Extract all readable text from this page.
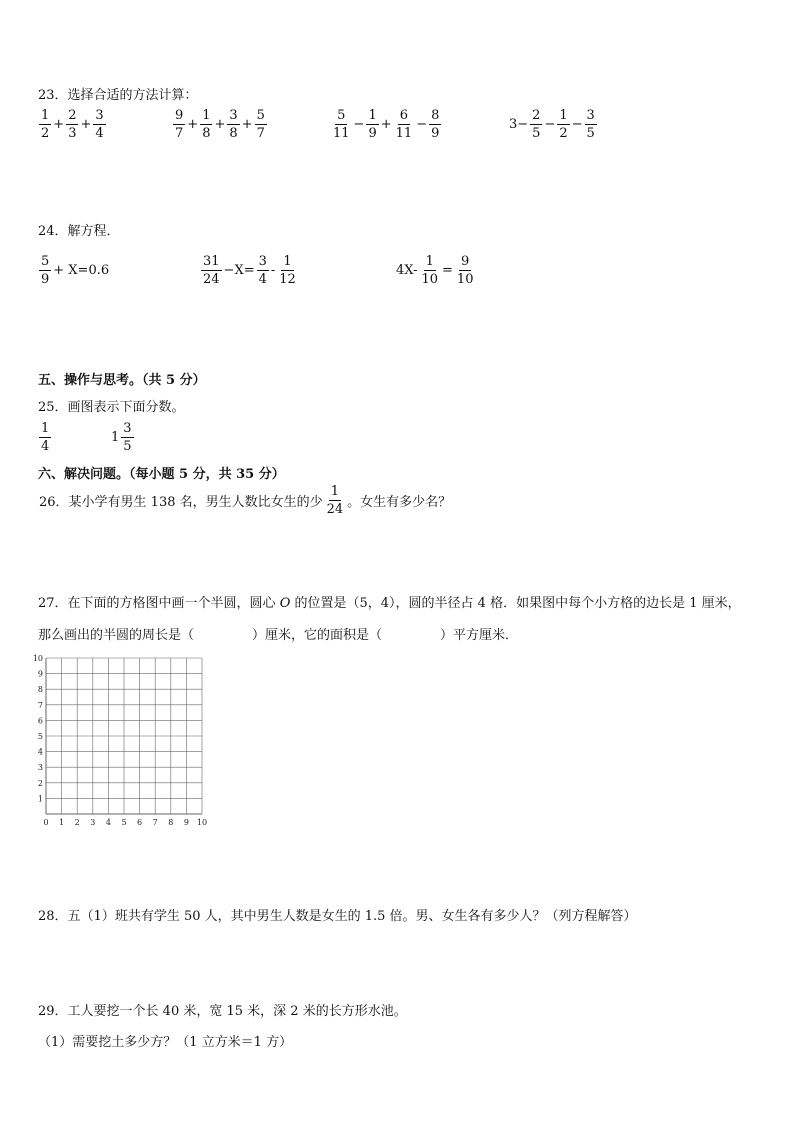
23．选择合适的方法计算：
$\frac{1}{2} + \frac{2}{3} + \frac{3}{4}$	$\frac{9}{7} + \frac{1}{8} + \frac{3}{8} + \frac{5}{7}$	$\frac{5}{11} - \frac{1}{9} + \frac{6}{11} - \frac{8}{9}$	$3- \frac{2}{5} - \frac{1}{2} - \frac{3}{5}$
24．解方程．
$\frac{5}{9} + X=0.6$	$\frac{31}{24} -X= \frac{3}{4} - \frac{1}{12}$	$4X- \frac{1}{10} = \frac{9}{10}$
五、操作与思考。（共 5 分）
25．画图表示下面分数。
$\frac{1}{4}$	$1 \frac{3}{5}$
六、解决问题。（每小题 5 分，共 35 分）
26．某小学有男生 138 名，男生人数比女生的少 $\frac{1}{24}$ 。女生有多少名？
27．在下面的方格图中画一个半圆，圆心 O 的位置是（5，4），圆的半径占 4 格．如果图中每个小方格的边长是 1 厘米，
那么画出的半圆的周长是（	）厘米，它的面积是（	）平方厘米．
0 1 2 3 4 5 6 7 8 9 10
1
2
3
4
5
6
7
8
9
10
28．五（1）班共有学生 50 人，其中男生人数是女生的 1.5 倍。男、女生各有多少人？（列方程解答）
29．工人要挖一个长 40 米，宽 15 米，深 2 米的长方形水池。
（1）需要挖土多少方？（1 立方米＝1 方）
